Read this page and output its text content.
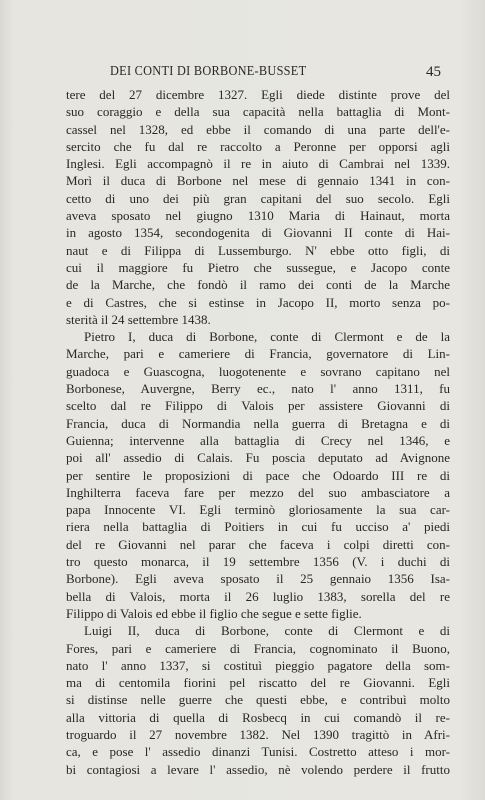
DEI CONTI DI BORBONE-BUSSET	45
tere del 27 dicembre 1327. Egli diede distinte prove del
suo coraggio e della sua capacità nella battaglia di Mont-
cassel nel 1328, ed ebbe il comando di una parte dell'e-
sercito che fu dal re raccolto a Peronne per opporsi agli
Inglesi. Egli accompagnò il re in aiuto di Cambrai nel 1339.
Morì il duca di Borbone nel mese di gennaio 1341 in con-
cetto di uno dei più gran capitani del suo secolo. Egli
aveva sposato nel giugno 1310 Maria di Hainaut, morta
in agosto 1354, secondogenita di Giovanni II conte di Hai-
naut e di Filippa di Lussemburgo. N' ebbe otto figli, di
cui il maggiore fu Pietro che sussegue, e Jacopo conte
de la Marche, che fondò il ramo dei conti de la Marche
e di Castres, che si estinse in Jacopo II, morto senza po-
sterità il 24 settembre 1438.
Pietro I, duca di Borbone, conte di Clermont e de la
Marche, pari e cameriere di Francia, governatore di Lin-
guadoca e Guascogna, luogotenente e sovrano capitano nel
Borbonese, Auvergne, Berry ec., nato l' anno 1311, fu
scelto dal re Filippo di Valois per assistere Giovanni di
Francia, duca di Normandia nella guerra di Bretagna e di
Guienna; intervenne alla battaglia di Crecy nel 1346, e
poi all' assedio di Calais. Fu poscia deputato ad Avignone
per sentire le proposizioni di pace che Odoardo III re di
Inghilterra faceva fare per mezzo del suo ambasciatore a
papa Innocente VI. Egli terminò gloriosamente la sua car-
riera nella battaglia di Poitiers in cui fu ucciso a' piedi
del re Giovanni nel parar che faceva i colpi diretti con-
tro questo monarca, il 19 settembre 1356 (V. i duchi di
Borbone). Egli aveva sposato il 25 gennaio 1356 Isa-
bella di Valois, morta il 26 luglio 1383, sorella del re
Filippo di Valois ed ebbe il figlio che segue e sette figlie.
Luigi II, duca di Borbone, conte di Clermont e di
Fores, pari e cameriere di Francia, cognominato il Buono,
nato l' anno 1337, si costituì pieggio pagatore della som-
ma di centomila fiorini pel riscatto del re Giovanni. Egli
si distinse nelle guerre che questi ebbe, e contribuì molto
alla vittoria di quella di Rosbecq in cui comandò il re-
troguardo il 27 novembre 1382. Nel 1390 tragittò in Afri-
ca, e pose l' assedio dinanzi Tunisi. Costretto atteso i mor-
bi contagiosi a levare l' assedio, nè volendo perdere il frutto
